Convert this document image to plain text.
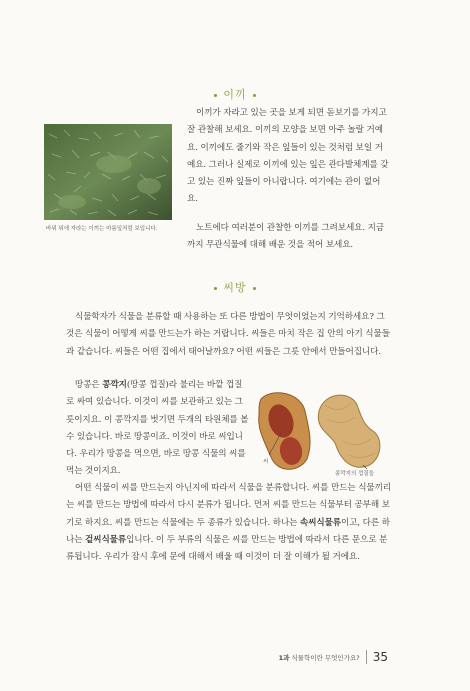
이끼
바위 위에 자라는 이끼는 마름잎처럼 보입니다.

이끼가 자라고 있는 곳을 보게 되면 돋보기를 가지고 잘 관찰해 보세요. 이끼의 모양을 보면 아주 놀랄 거예요. 이끼에도 줄기와 작은 잎들이 있는 것처럼 보일 거예요. 그러나 실제로 이끼에 있는 잎은 관다발체계를 갖고 있는 진짜 잎들이 아니랍니다. 여기에는 관이 없어요.

노트에다 여러분이 관찰한 이끼를 그려보세요. 지금까지 무관식물에 대해 배운 것을 적어 보세요.

씨방

식물학자가 식물을 분류할 때 사용하는 또 다른 방법이 무엇이었는지 기억하세요? 그것은 식물이 어떻게 씨를 만드는가 하는 거랍니다. 씨들은 마치 작은 집 안의 아기 식물들과 같습니다. 씨들은 어떤 집에서 태어날까요? 어떤 씨들은 그릇 안에서 만들어집니다.

땅콩은 콩깍지(땅콩 껍질)라 불리는 바깥 껍질로 싸여 있습니다. 이것이 씨를 보관하고 있는 그릇이지요. 이 콩깍지를 벗기면 두개의 타원체를 볼 수 있습니다. 바로 땅콩이죠. 이것이 바로 씨입니다. 우리가 땅콩을 먹으면, 바로 땅콩 식물의 씨를 먹는 것이지요.

씨
콩깍지의 껍질들

어떤 식물이 씨를 만드는지 아닌지에 따라서 식물을 분류합니다. 씨를 만드는 식물끼리는 씨를 만드는 방법에 따라서 다시 분류가 됩니다. 먼저 씨를 만드는 식물부터 공부해 보기로 하지요. 씨를 만드는 식물에는 두 종류가 있습니다. 하나는 속씨식물류이고, 다른 하나는 겉씨식물류입니다. 이 두 부류의 식물은 씨를 만드는 방법에 따라서 다른 문으로 분류됩니다. 우리가 잠시 후에 문에 대해서 배울 때 이것이 더 잘 이해가 될 거에요.

1과 식물학이란 무엇인가요? 35
